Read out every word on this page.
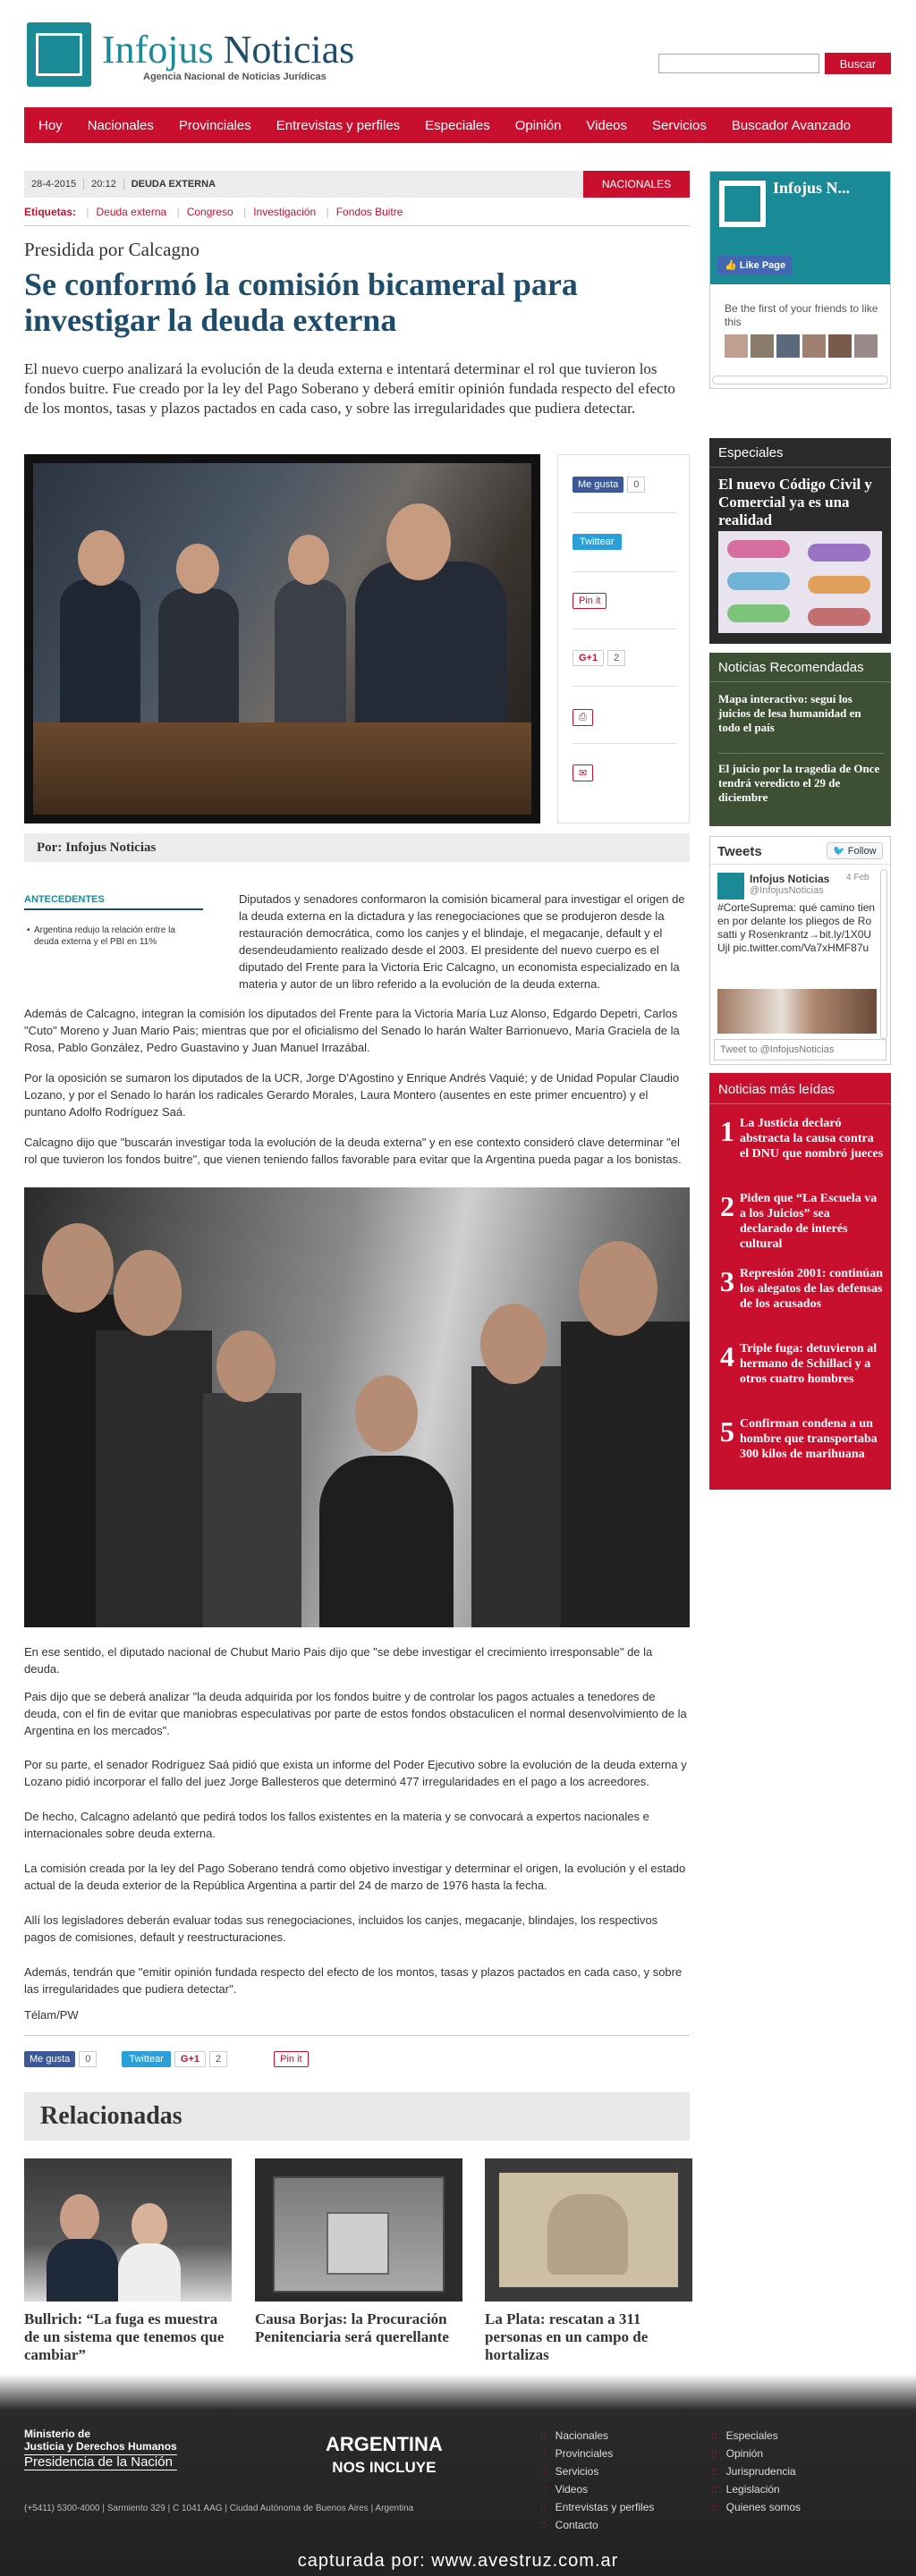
Infojus Noticias
Agencia Nacional de Noticias Jurídicas
Buscar
Hoy Nacionales Provinciales Entrevistas y perfiles Especiales Opinión Videos Servicios Buscador Avanzado
28-4-2015	20:12	DEUDA EXTERNA	NACIONALES
Etiquetas: | Deuda externa | Congreso | Investigación | Fondos Buitre
Presidida por Calcagno
Se conformó la comisión bicameral para investigar la deuda externa

El nuevo cuerpo analizará la evolución de la deuda externa e intentará determinar el rol que tuvieron los fondos buitre. Fue creado por la ley del Pago Soberano y deberá emitir opinión fundada respecto del efecto de los montos, tasas y plazos pactados en cada caso, y sobre las irregularidades que pudiera detectar.

Me gusta 0
Twittear
Pin it
G+1 2
⎙
✉
Por: Infojus Noticias
ANTECEDENTES
• Argentina redujo la relación entre la deuda externa y el PBI en 11%

Diputados y senadores conformaron la comisión bicameral para investigar el origen de la deuda externa en la dictadura y las renegociaciones que se produjeron desde la restauración democrática, como los canjes y el blindaje, el megacanje, default y el desendeudamiento realizado desde el 2003. El presidente del nuevo cuerpo es el diputado del Frente para la Victoria Eric Calcagno, un economista especializado en la materia y autor de un libro referido a la evolución de la deuda externa.

Además de Calcagno, integran la comisión los diputados del Frente para la Victoria María Luz Alonso, Edgardo Depetri, Carlos "Cuto" Moreno y Juan Mario Pais; mientras que por el oficialismo del Senado lo harán Walter Barrionuevo, María Graciela de la Rosa, Pablo González, Pedro Guastavino y Juan Manuel Irrazábal.

Por la oposición se sumaron los diputados de la UCR, Jorge D'Agostino y Enrique Andrés Vaquié; y de Unidad Popular Claudio Lozano, y por el Senado lo harán los radicales Gerardo Morales, Laura Montero (ausentes en este primer encuentro) y el puntano Adolfo Rodríguez Saá.

Calcagno dijo que "buscarán investigar toda la evolución de la deuda externa" y en ese contexto consideró clave determinar "el rol que tuvieron los fondos buitre", que vienen teniendo fallos favorable para evitar que la Argentina pueda pagar a los bonistas.

En ese sentido, el diputado nacional de Chubut Mario Pais dijo que "se debe investigar el crecimiento irresponsable" de la deuda.

Pais dijo que se deberá analizar "la deuda adquirida por los fondos buitre y de controlar los pagos actuales a tenedores de deuda, con el fin de evitar que maniobras especulativas por parte de estos fondos obstaculicen el normal desenvolvimiento de la Argentina en los mercados".

Por su parte, el senador Rodríguez Saá pidió que exista un informe del Poder Ejecutivo sobre la evolución de la deuda externa y Lozano pidió incorporar el fallo del juez Jorge Ballesteros que determinó 477 irregularidades en el pago a los acreedores.

De hecho, Calcagno adelantó que pedirá todos los fallos existentes en la materia y se convocará a expertos nacionales e internacionales sobre deuda externa.

La comisión creada por la ley del Pago Soberano tendrá como objetivo investigar y determinar el origen, la evolución y el estado actual de la deuda exterior de la República Argentina a partir del 24 de marzo de 1976 hasta la fecha.

Allí los legisladores deberán evaluar todas sus renegociaciones, incluidos los canjes, megacanje, blindajes, los respectivos pagos de comisiones, default y reestructuraciones.

Además, tendrán que "emitir opinión fundada respecto del efecto de los montos, tasas y plazos pactados en cada caso, y sobre las irregularidades que pudiera detectar".

Télam/PW

Me gusta	0	Twittear	G+1	2	Pin it
Relacionadas
Bullrich: “La fuga es muestra de un sistema que tenemos que cambiar”
Causa Borjas: la Procuración Penitenciaria será querellante
La Plata: rescatan a 311 personas en un campo de hortalizas
Infojus N...
👍 Like Page
Be the first of your friends to like this
Especiales
El nuevo Código Civil y Comercial ya es una realidad
Noticias Recomendadas
Mapa interactivo: seguí los juicios de lesa humanidad en todo el país
El juicio por la tragedia de Once tendrá veredicto el 29 de diciembre
Tweets	🐦 Follow
Infojus Noticias 4 Feb
@InfojusNoticias
#CorteSuprema: qué camino tienen por delante los pliegos de Rosatti y Rosenkrantz→bit.ly/1X0UUjl pic.twitter.com/Va7xHMF87u
Tweet to @InfojusNoticias
Noticias más leídas
1 La Justicia declaró abstracta la causa contra el DNU que nombró jueces
2 Piden que “La Escuela va a los Juicios” sea declarado de interés cultural
3 Represión 2001: continúan los alegatos de las defensas de los acusados
4 Triple fuga: detuvieron al hermano de Schillaci y a otros cuatro hombres
5 Confirman condena a un hombre que transportaba 300 kilos de marihuana
Ministerio de
Justicia y Derechos Humanos
Presidencia de la Nación
ARGENTINA
NOS INCLUYE
(+5411) 5300-4000 | Sarmiento 329 | C 1041 AAG | Ciudad Autónoma de Buenos Aires | Argentina
:: Nacionales
:: Provinciales
:: Servicios
:: Videos
:: Entrevistas y perfiles
:: Contacto
:: Especiales
:: Opinión
:: Jurisprudencia
:: Legislación
:: Quienes somos
capturada por: www.avestruz.com.ar
